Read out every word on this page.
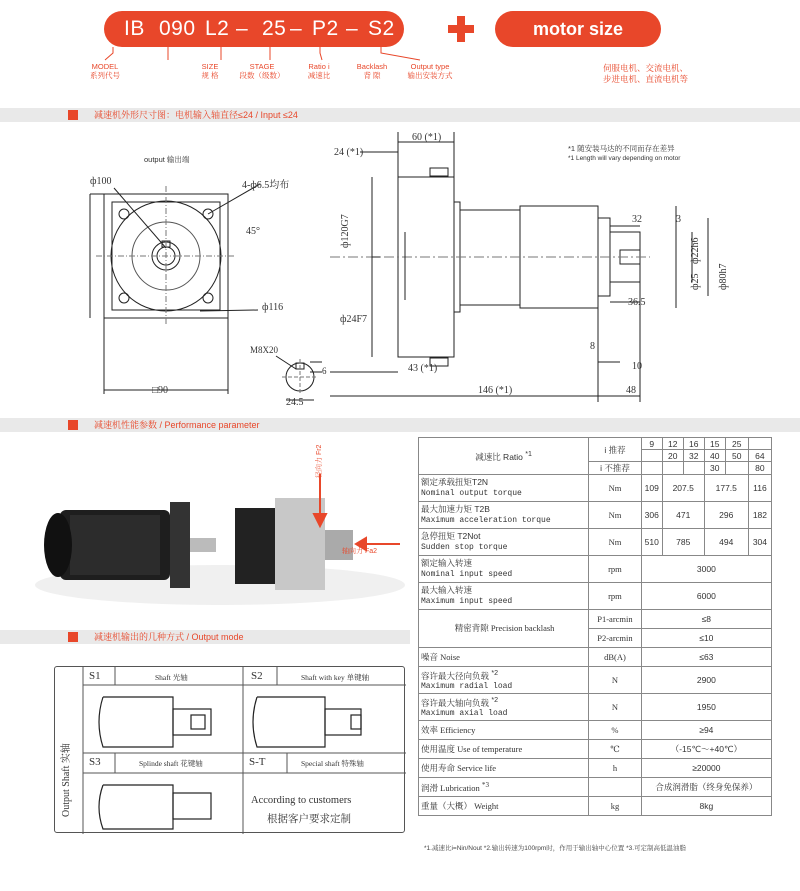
IB 090 L2 – 25 – P2 – S2	motor size
MODEL
系列代号
SIZE
规 格
STAGE
段数（级数）
Ratio i
减速比
Backlash
背 隙
Output type
输出安装方式
伺服电机、交流电机、
步进电机、直流电机等
减速机外形尺寸图：电机输入轴直径≤24 / Input ≤24
output 输出端
*1 随安装马达的不同而存在差异
*1 Length will vary depending on motor
ф100	4-ф6.5均布
45°
ф116
M8X20
6
24.5
□90
60 (*1)
24 (*1)
ф120G7
ф24F7
43 (*1)
146 (*1)	48
32	3
ф22h6
ф25 ф80h7
36.5
8
10
减速机性能参数 / Performance parameter
径向力 Fr2
轴向力 Fa2
减速比 Ratio $^{*1}$	i 推荐	9	12	16	15	25	
			20	32	40	50	64
	i 不推荐				30		80

额定承载扭矩T2N
Nominal output torque	Nm	109	207.5		177.5		116

最大加速力矩 T2B
Maximum acceleration torque	Nm	306	471		296		182

急停扭矩 T2Not
Sudden stop torque	Nm	510	785		494		304

额定输入转速
Nominal input speed	rpm	3000					

最大输入转速
Maximum input speed	rpm	6000					
精密背隙 Precision backlash	P1-arcmin	≤8					
	P2-arcmin	≤10					
噪音 Noise	dB(A)	≤63					

容许最大径向负载 $^{*2}$
Maximum radial load	N	2900					

容许最大轴向负载 $^{*2}$
Maximum axial load	N	1950					
效率 Efficiency	%	≥94					
使用温度 Use of temperature	℃	（-15℃～+40℃）					
使用寿命 Service life	h	≥20000					
润滑 Lubrication $^{*3}$		合成润滑脂（终身免保养）					
重量（大概） Weight	kg	8kg					
*1.减速比i=Nin/Nout *2.输出转速为100rpm时，作用于输出轴中心位置 *3.可定制高低温油脂
减速机输出的几种方式 / Output mode
Output Shaft 实轴
S1	Shaft 光轴	S2	Shaft with key 单键轴
S3	Splinde shaft 花键轴	S-T	Special shaft 特殊轴
According to customers
根据客户要求定制
